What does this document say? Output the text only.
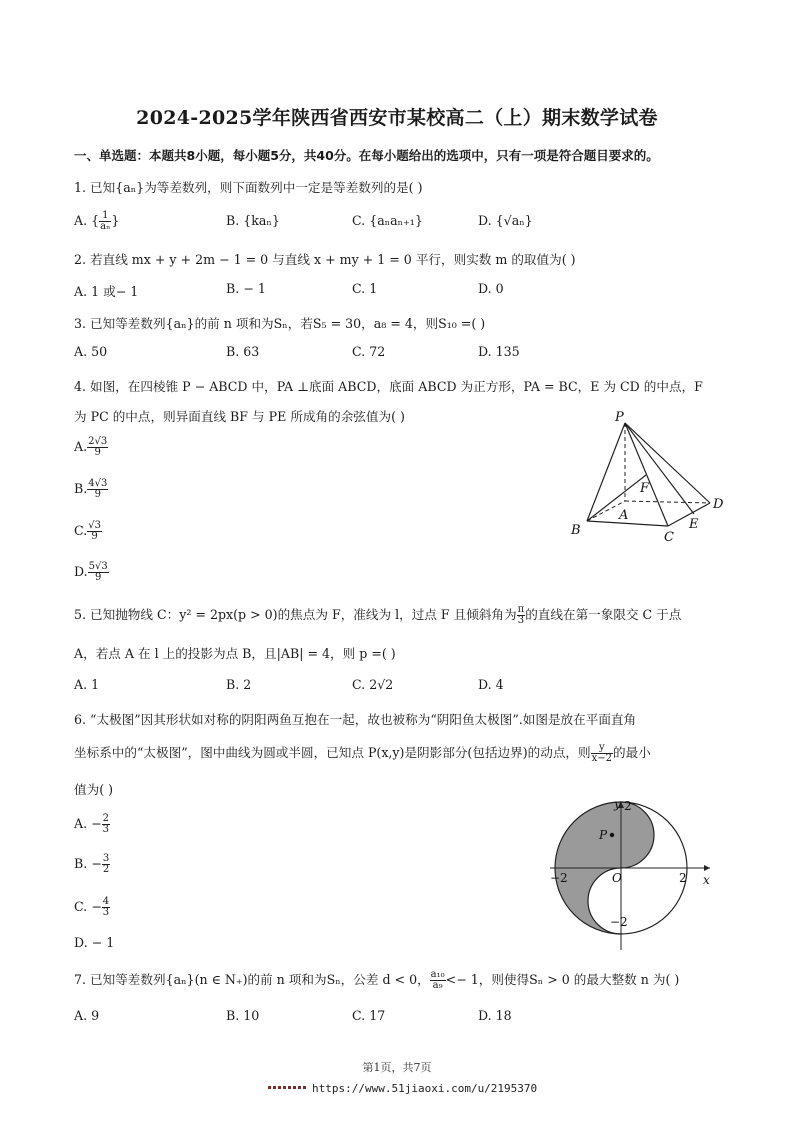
2024-2025学年陕西省西安市某校高二（上）期末数学试卷
一、单选题：本题共8小题，每小题5分，共40分。在每小题给出的选项中，只有一项是符合题目要求的。
1. 已知{aₙ}为等差数列，则下面数列中一定是等差数列的是( )
A. { $\frac{1}{\text{aₙ}}$ }	B. {kaₙ}	C. {aₙaₙ₊₁}	D. {√aₙ}
2. 若直线 mx + y + 2m − 1 = 0 与直线 x + my + 1 = 0 平行，则实数 m 的取值为( )
A. 1 或− 1	B. − 1	C. 1	D. 0
3. 已知等差数列{aₙ}的前 n 项和为Sₙ，若S₅ = 30，a₈ = 4，则S₁₀ =( )
A. 50	B. 63	C. 72	D. 135
4. 如图，在四棱锥 P − ABCD 中，PA ⊥底面 ABCD，底面 ABCD 为正方形，PA = BC，E 为 CD 的中点，F
为 PC 的中点，则异面直线 BF 与 PE 所成角的余弦值为( )
A. $\frac{2√3}{9}$
B. $\frac{4√3}{9}$
C. $\frac{√3}{9}$
D. $\frac{5√3}{9}$
P
A
B	C
D
E
F
5. 已知抛物线 C：y² = 2px(p > 0)的焦点为 F，准线为 l，过点 F 且倾斜角为 $\frac{\pi}{3}$ 的直线在第一象限交 C 于点
A，若点 A 在 l 上的投影为点 B，且|AB| = 4，则 p =( )
A. 1	B. 2	C. 2√2	D. 4
6. “太极图”因其形状如对称的阴阳两鱼互抱在一起，故也被称为“阴阳鱼太极图”.如图是放在平面直角
坐标系中的“太极图”，图中曲线为圆或半圆，已知点 P(x,y)是阴影部分(包括边界)的动点，则 $\frac{y}{x-2}$ 的最小
值为( )
A. − $\frac{2}{3}$
B. − $\frac{3}{2}$
C. − $\frac{4}{3}$
D. − 1
y
x
O
P
2
−2	2
−2
7. 已知等差数列{aₙ}(n ∈ N₊)的前 n 项和为Sₙ，公差 d < 0， $\frac{\text{a₁₀}}{\text{a₉}} <- 1$，则使得Sₙ > 0 的最大整数 n 为( )
A. 9	B. 10	C. 17	D. 18
第1页，共7页
https://www.51jiaoxi.com/u/2195370
